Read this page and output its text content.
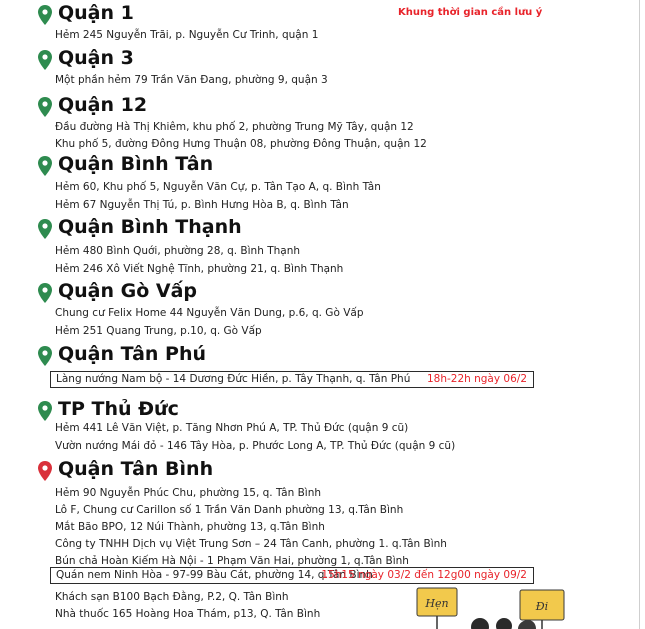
Khung thời gian cần lưu ý
Quận 1
Hẻm 245 Nguyễn Trãi, p. Nguyễn Cư Trinh, quận 1
Quận 3
Một phần hẻm 79 Trần Văn Đang, phường 9, quận 3
Quận 12
Đầu đường Hà Thị Khiêm, khu phố 2, phường Trung Mỹ Tây, quận 12
Khu phố 5, đường Đông Hưng Thuận 08, phường Đông Thuận, quận 12
Quận Bình Tân
Hẻm 60, Khu phố 5, Nguyễn Văn Cự, p. Tân Tạo A, q. Bình Tân
Hẻm 67 Nguyễn Thị Tú, p. Bình Hưng Hòa B, q. Bình Tân
Quận Bình Thạnh
Hẻm 480 Bình Quới, phường 28, q. Bình Thạnh
Hẻm 246 Xô Viết Nghệ Tĩnh, phường 21, q. Bình Thạnh
Quận Gò Vấp
Chung cư Felix Home 44 Nguyễn Văn Dung, p.6, q. Gò Vấp
Hẻm 251 Quang Trung, p.10, q. Gò Vấp
Quận Tân Phú
Làng nướng Nam bộ - 14 Dương Đức Hiền, p. Tây Thạnh, q. Tân Phú 18h-22h ngày 06/2
TP Thủ Đức
Hẻm 441 Lê Văn Việt, p. Tăng Nhơn Phú A, TP. Thủ Đức (quận 9 cũ)
Vườn nướng Mái đỏ - 146 Tây Hòa, p. Phước Long A, TP. Thủ Đức (quận 9 cũ)
Quận Tân Bình
Hẻm 90 Nguyễn Phúc Chu, phường 15, q. Tân Bình
Lô F, Chung cư Carillon số 1 Trần Văn Danh phường 13, q.Tân Bình
Mắt Bão BPO, 12 Núi Thành, phường 13, q.Tân Bình
Công ty TNHH Dịch vụ Việt Trung Sơn – 24 Tân Canh, phường 1. q.Tân Bình
Bún chả Hoàn Kiếm Hà Nội - 1 Phạm Văn Hai, phường 1, q.Tân Bình
Quán nem Ninh Hòa - 97-99 Bàu Cát, phường 14, q.Tân Bình
15h15 ngày 03/2 đến 12g00 ngày 09/2
Khách sạn B100 Bạch Đằng, P.2, Q. Tân Bình
Nhà thuốc 165 Hoàng Hoa Thám, p13, Q. Tân Bình
Hẹn	Đi
